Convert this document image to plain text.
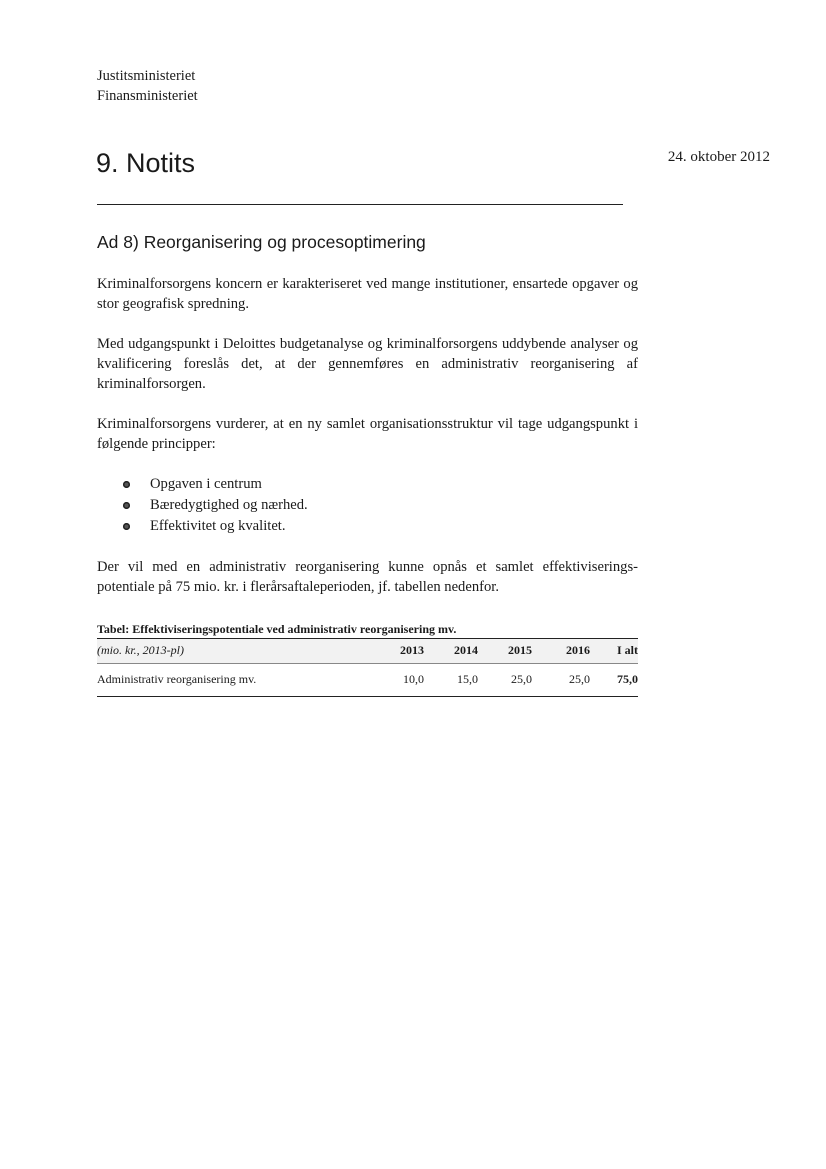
Justitsministeriet
Finansministeriet
9. Notits	24. oktober 2012
Ad 8) Reorganisering og procesoptimering

Kriminalforsorgens koncern er karakteriseret ved mange institutioner, ensartede opgaver og stor geografisk spredning.

Med udgangspunkt i Deloittes budgetanalyse og kriminalforsorgens uddybende analyser og kvalificering foreslås det, at der gennemføres en administrativ reorganisering af kriminalforsorgen.

Kriminalforsorgens vurderer, at en ny samlet organisationsstruktur vil tage udgangspunkt i følgende principper:

Opgaven i centrum
Bæredygtighed og nærhed.
Effektivitet og kvalitet.

Der vil med en administrativ reorganisering kunne opnås et samlet effektiviserings-potentiale på 75 mio. kr. i flerårsaftaleperioden, jf. tabellen nedenfor.

Tabel: Effektiviseringspotentiale ved administrativ reorganisering mv.
(mio. kr., 2013-pl)	2013	2014	2015	2016	I alt
Administrativ reorganisering mv.	10,0	15,0	25,0	25,0	75,0
